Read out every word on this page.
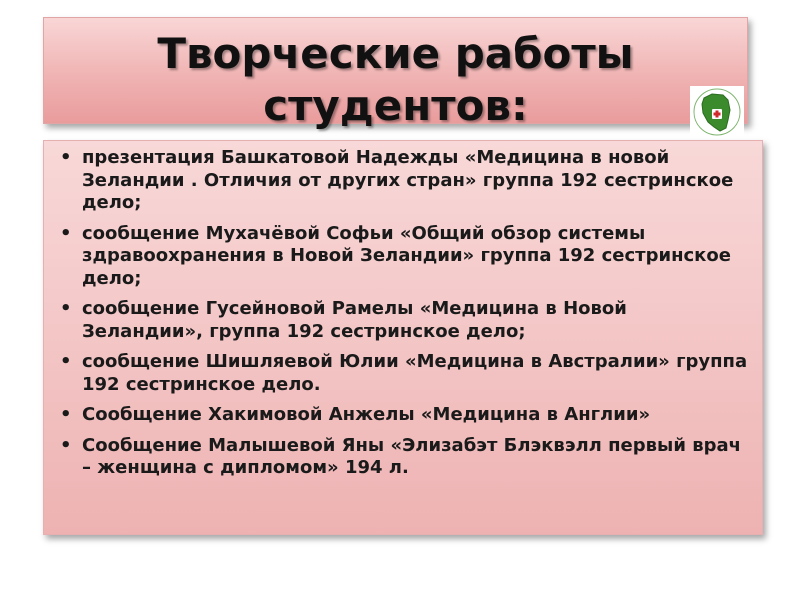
Творческие работы
студентов:
• презентация Башкатовой Надежды «Медицина в новой Зеландии . Отличия от других стран» группа 192 сестринское дело;
• сообщение Мухачёвой Софьи «Общий обзор системы здравоохранения в Новой Зеландии» группа 192 сестринское дело;
• сообщение Гусейновой Рамелы «Медицина в Новой Зеландии», группа 192 сестринское дело;
• сообщение Шишляевой Юлии «Медицина в Австралии» группа 192 сестринское дело.
• Сообщение Хакимовой Анжелы «Медицина в Англии»
• Сообщение Малышевой Яны «Элизабэт Блэквэлл первый врач – женщина с дипломом» 194 л.
